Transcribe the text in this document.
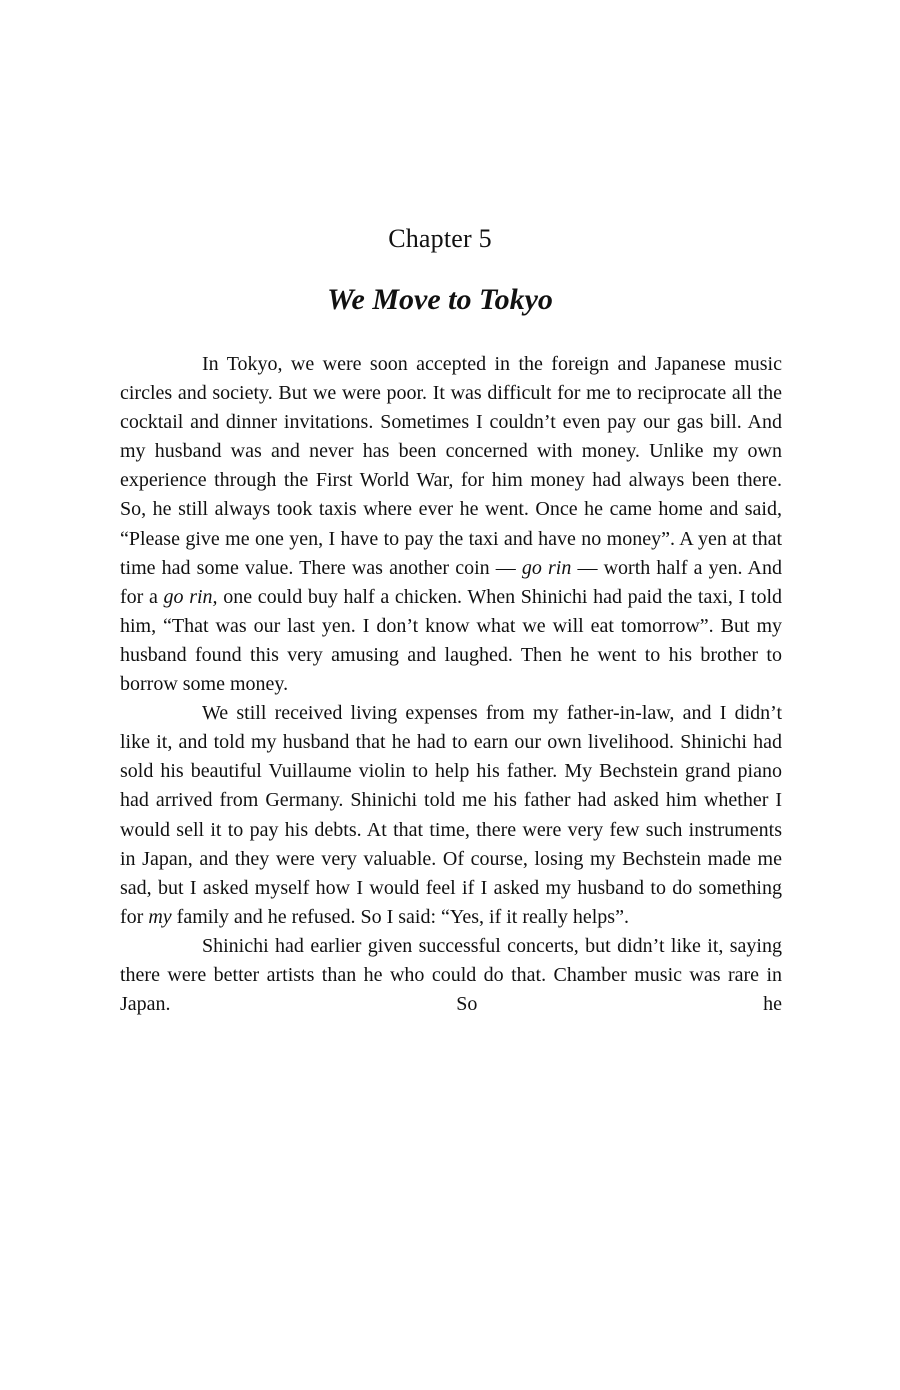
Chapter 5
We Move to Tokyo

In Tokyo, we were soon accepted in the foreign and Japanese music circles and society. But we were poor. It was difficult for me to reciprocate all the cocktail and dinner invitations. Sometimes I couldn’t even pay our gas bill. And my husband was and never has been concerned with money. Unlike my own experience through the First World War, for him money had always been there. So, he still always took taxis where ever he went. Once he came home and said, “Please give me one yen, I have to pay the taxi and have no money”. A yen at that time had some value. There was another coin — go rin — worth half a yen. And for a go rin, one could buy half a chicken. When Shinichi had paid the taxi, I told him, “That was our last yen. I don’t know what we will eat tomorrow”. But my husband found this very amusing and laughed. Then he went to his brother to borrow some money.

We still received living expenses from my father-in-law, and I didn’t like it, and told my husband that he had to earn our own livelihood. Shinichi had sold his beautiful Vuillaume violin to help his father. My Bechstein grand piano had arrived from Germany. Shinichi told me his father had asked him whether I would sell it to pay his debts. At that time, there were very few such instruments in Japan, and they were very valuable. Of course, losing my Bechstein made me sad, but I asked myself how I would feel if I asked my husband to do something for my family and he refused. So I said: “Yes, if it really helps”.

Shinichi had earlier given successful concerts, but didn’t like it, saying there were better artists than he who could do that. Chamber music was rare in Japan. So he
